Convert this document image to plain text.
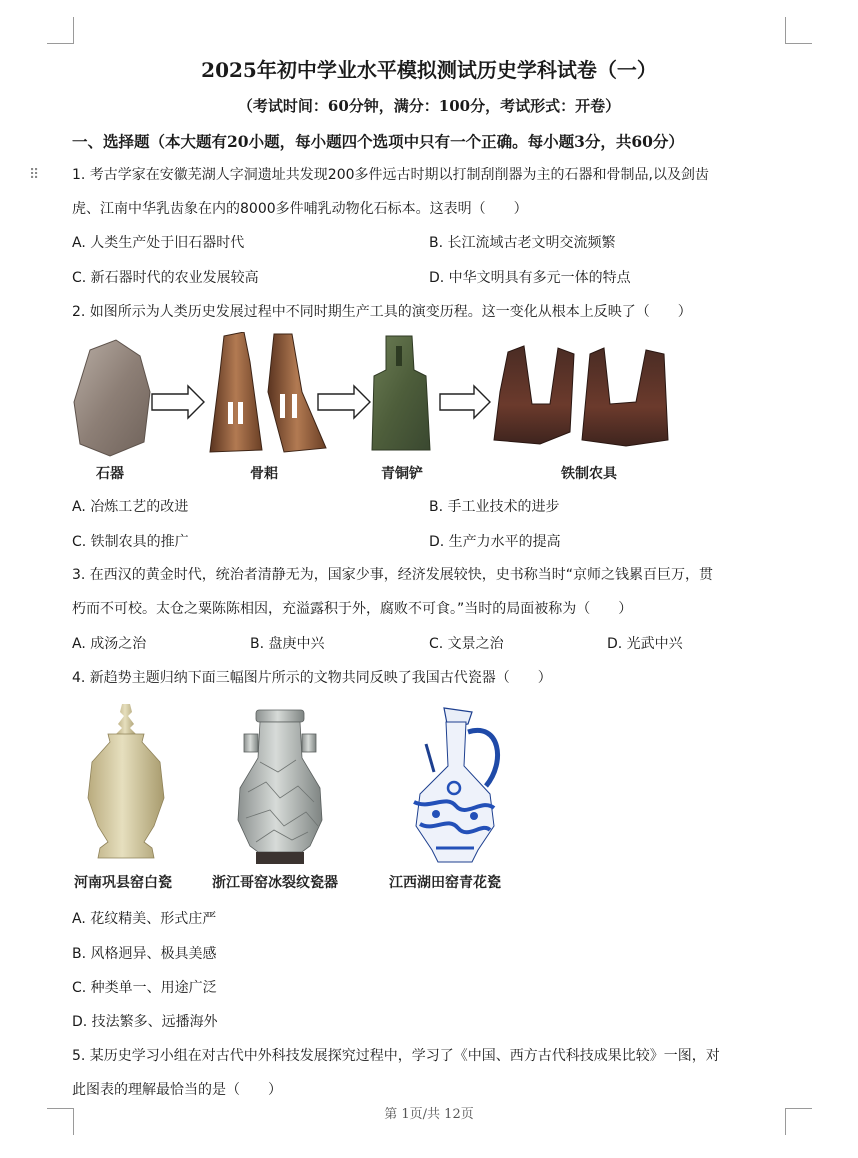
2025年初中学业水平模拟测试历史学科试卷（一）
（考试时间：60分钟，满分：100分，考试形式：开卷）
一、选择题（本大题有20小题，每小题四个选项中只有一个正确。每小题3分，共60分）
⠿ 1. 考古学家在安徽芜湖人字洞遗址共发现200多件远古时期以打制刮削器为主的石器和骨制品,以及剑齿
虎、江南中华乳齿象在内的8000多件哺乳动物化石标本。这表明（　　）
A. 人类生产处于旧石器时代	B. 长江流域古老文明交流频繁
C. 新石器时代的农业发展较高	D. 中华文明具有多元一体的特点
2. 如图所示为人类历史发展过程中不同时期生产工具的演变历程。这一变化从根本上反映了（　　）
石器	骨耜	青铜铲	铁制农具
A. 冶炼工艺的改进	B. 手工业技术的进步
C. 铁制农具的推广	D. 生产力水平的提高
3. 在西汉的黄金时代，统治者清静无为，国家少事，经济发展较快，史书称当时“京师之钱累百巨万，贯
朽而不可校。太仓之粟陈陈相因，充溢露积于外，腐败不可食。”当时的局面被称为（　　）
A. 成汤之治	B. 盘庚中兴	C. 文景之治	D. 光武中兴
4. 新趋势主题归纳下面三幅图片所示的文物共同反映了我国古代瓷器（　　）
河南巩县窑白瓷	浙江哥窑冰裂纹瓷器	江西湖田窑青花瓷
A. 花纹精美、形式庄严
B. 风格迥异、极具美感
C. 种类单一、用途广泛
D. 技法繁多、远播海外
5. 某历史学习小组在对古代中外科技发展探究过程中，学习了《中国、西方古代科技成果比较》一图，对
此图表的理解最恰当的是（　　）
第 1页/共 12页
